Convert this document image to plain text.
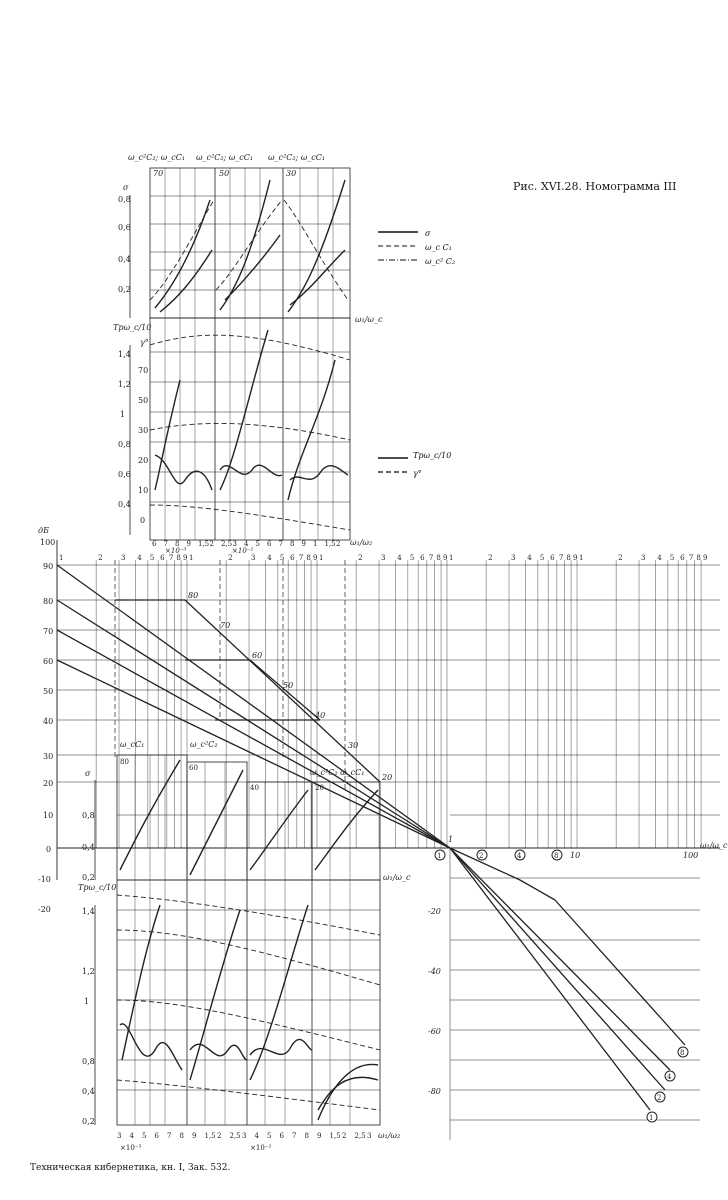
Рис. XVI.28. Номограмма III
Техническая кибернетика, кн. I, Зак. 532.
σ
0,8
0,6
0,4
0,2
Tpω_c/10
1,4
1,2
1
0,8
0,6
0,4
γ°
70
50
30
20
10
0
ω_c²C₂; ω_cC₁ ω_c²C₂; ω_cC₁ ω_c²C₂; ω_cC₁
70	50	30
ω₁/ω₂
ω₁/ω_c
×10⁻³	×10⁻²
σ
ω_c C₁
ω_c² C₂
Tpω_c/10
γ°
дБ
100
90
80
70
60
50
40
30
20
10
0
-10
-20
80
70
60
50
40
30
20
ω₁/ω_c
1	2	3 4 5 6 7 8 9 1	2	3 4 5 6 7 8 9 1	2	3 4 5 6 7 8 9 1	2	3 4 5 6 7 8 9 1	2	3 4 5 6 7 8 9
1
10	100
-20
-40
-60
-80
1	2	4	8
1
2
4
8
σ
0,8
0,4
0,2
Tpω_c/10
1,4
1,2
1
0,8
0,4
0,2
ω_cC₁	ω_c²C₂
ω_c²C₂ ω_cC₁
80
60
40	20
×10⁻³	×10⁻²
ω₁/ω₂
ω₁/ω_c
3 4 5 6 7 8 9 1,5 2 2,5 3 4 5 6 7 8 9 1,5 2 2,5 3
6 7 8 9 1,5 2 2,5 3 4 5 6 7 8 9 1 1,5 2
